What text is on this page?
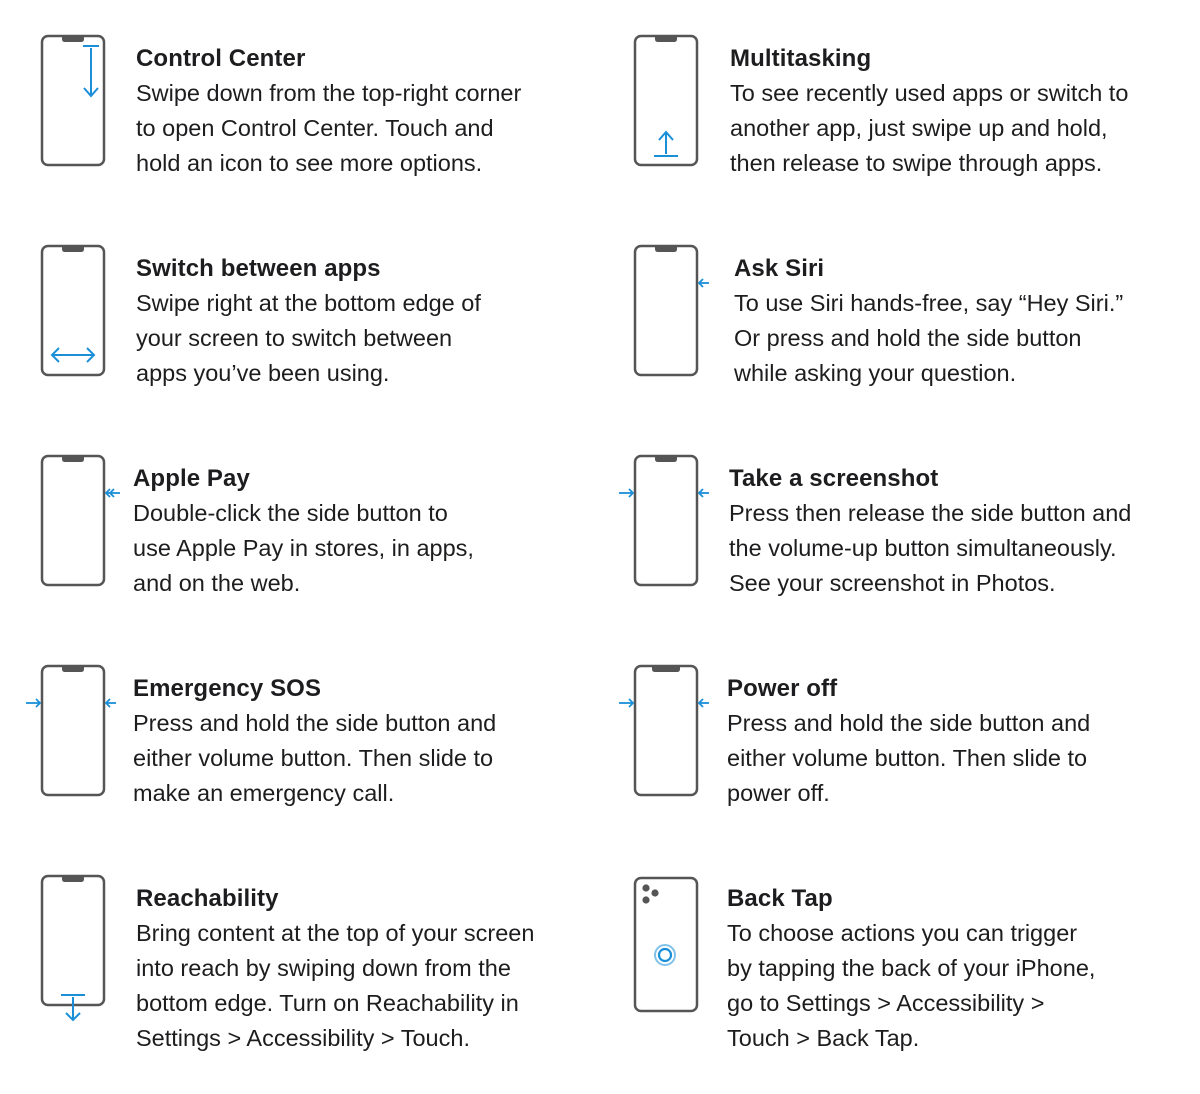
Control Center
Swipe down from the top-right corner
to open Control Center. Touch and
hold an icon to see more options.
Multitasking
To see recently used apps or switch to
another app, just swipe up and hold,
then release to swipe through apps.
Switch between apps
Swipe right at the bottom edge of
your screen to switch between
apps you’ve been using.
Ask Siri
To use Siri hands-free, say “Hey Siri.”
Or press and hold the side button
while asking your question.
Apple Pay
Double-click the side button to
use Apple Pay in stores, in apps,
and on the web.
Take a screenshot
Press then release the side button and
the volume-up button simultaneously.
See your screenshot in Photos.
Emergency SOS
Press and hold the side button and
either volume button. Then slide to
make an emergency call.
Power off
Press and hold the side button and
either volume button. Then slide to
power off.
Reachability
Bring content at the top of your screen
into reach by swiping down from the
bottom edge. Turn on Reachability in
Settings > Accessibility > Touch.
Back Tap
To choose actions you can trigger
by tapping the back of your iPhone,
go to Settings > Accessibility >
Touch > Back Tap.
